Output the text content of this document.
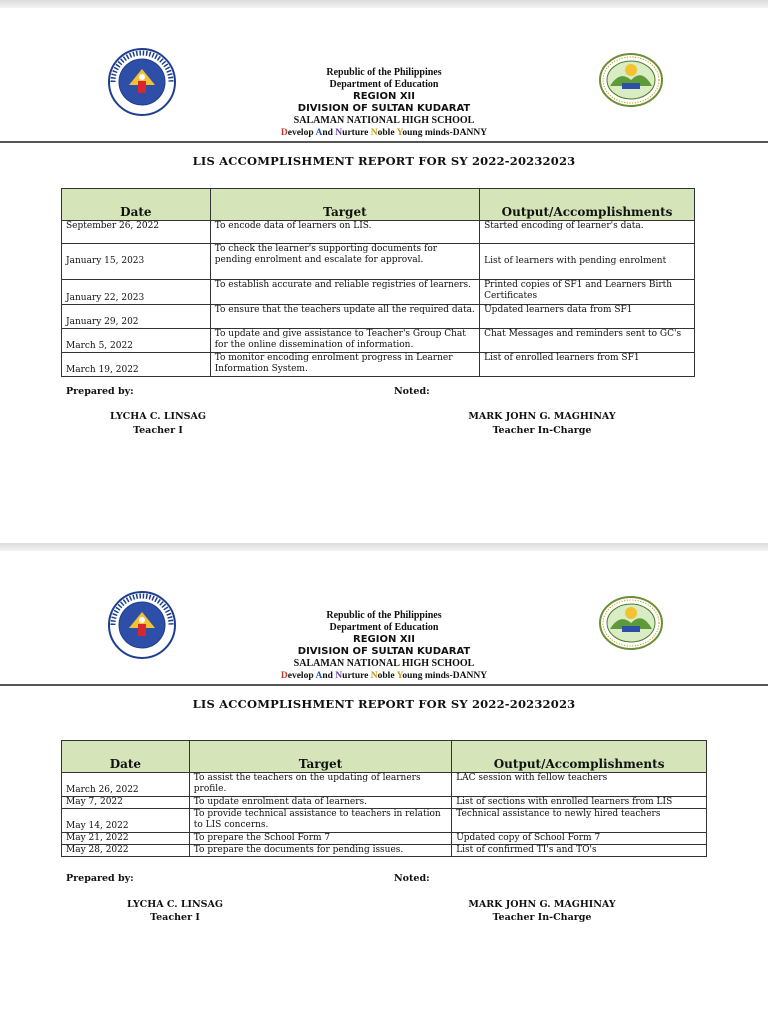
Republic of the Philippines
Department of Education
REGION XII
DIVISION OF SULTAN KUDARAT
SALAMAN NATIONAL HIGH SCHOOL
Develop And Nurture Noble Young minds-DANNY
LIS ACCOMPLISHMENT REPORT FOR SY 2022-20232023
Date	Target	Output/Accomplishments
September 26, 2022	To encode data of learners on LIS.	Started encoding of learner's data.
January 15, 2023	To check the learner's supporting documents for pending enrolment and escalate for approval.	List of learners with pending enrolment
January 22, 2023	To establish accurate and reliable registries of learners.	Printed copies of SF1 and Learners Birth Certificates
January 29, 202	To ensure that the teachers update all the required data.	Updated learners data from SF1
March 5, 2022	To update and give assistance to Teacher's Group Chat for the online dissemination of information.	Chat Messages and reminders sent to GC's
March 19, 2022	To monitor encoding enrolment progress in Learner Information System.	List of enrolled learners from SF1
Prepared by:	Noted:
LYCHA C. LINSAG
Teacher I
MARK JOHN G. MAGHINAY
Teacher In-Charge
Republic of the Philippines
Department of Education
REGION XII
DIVISION OF SULTAN KUDARAT
SALAMAN NATIONAL HIGH SCHOOL
Develop And Nurture Noble Young minds-DANNY
LIS ACCOMPLISHMENT REPORT FOR SY 2022-20232023
Date	Target	Output/Accomplishments
March 26, 2022	To assist the teachers on the updating of learners profile.	LAC session with fellow teachers
May 7, 2022	To update enrolment data of learners.	List of sections with enrolled learners from LIS
May 14, 2022	To provide technical assistance to teachers in relation to LIS concerns.	Technical assistance to newly hired teachers
May 21, 2022	To prepare the School Form 7	Updated copy of School Form 7
May 28, 2022	To prepare the documents for pending issues.	List of confirmed TI's and TO's
Prepared by:	Noted:
LYCHA C. LINSAG
Teacher I
MARK JOHN G. MAGHINAY
Teacher In-Charge
